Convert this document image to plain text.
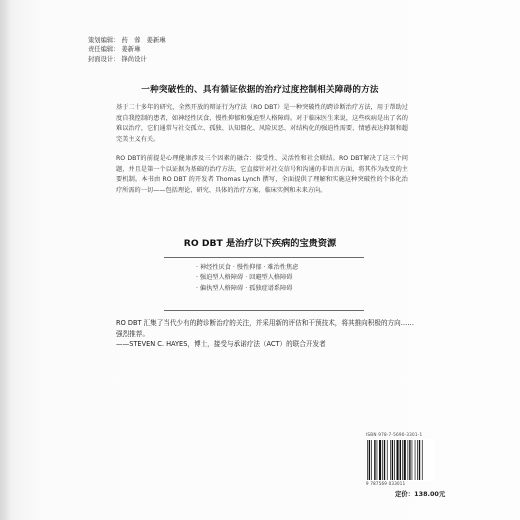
策划编辑： 药　蓉　姜新琳
责任编辑： 姜新琳
封面设计： 锋尚设计
一种突破性的、具有循证依据的治疗过度控制相关障碍的方法
基于二十多年的研究，全然开放的辩证行为疗法（RO DBT）是一种突破性的跨诊断治疗方法，用于帮助过度自我控制的患者，如神经性厌食、慢性抑郁和强迫型人格障碍。对于临床医生来说，这些疾病是出了名的难以治疗，它们通常与社交孤立、孤独、认知僵化、风险厌恶、对结构化的强迫性需要、情感表达抑制和超完美主义有关。
RO DBT的前提是心理健康涉及三个因素的融合：接受性、灵活性和社会联结。RO DBT解决了这三个问题，并且是第一个以证据为基础的治疗方法，它直接针对社交信号和沟通的非语言方面，将其作为改变的主要机制。本书由 RO DBT 的开发者 Thomas Lynch 撰写，全面提供了理解和实施这种突破性的个体化治疗所需的一切——包括理论、研究、具体的治疗方案、临床实例和未来方向。
RO DBT 是治疗以下疾病的宝贵资源
· 神经性厌食 · 慢性抑郁 · 难治性焦虑
· 强迫型人格障碍 · 回避型人格障碍
· 偏执型人格障碍 · 孤独症谱系障碍
RO DBT 汇集了当代少有的跨诊断治疗的关注，并采用新的评估和干预技术，将其推向积极的方向……强烈推荐。
——STEVEN C. HAYES，博士，接受与承诺疗法（ACT）的联合开发者
ISBN 978-7-5690-3301-1
9 787569 033011
定价：138.00元
